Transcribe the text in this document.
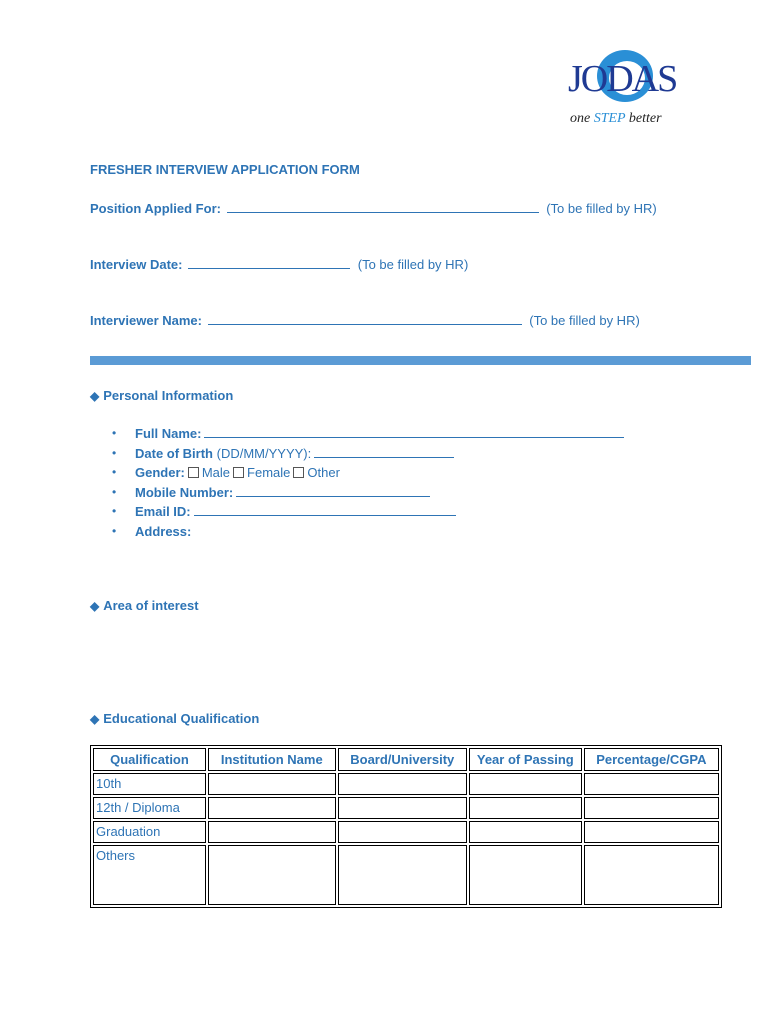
JODAS
one STEP better
FRESHER INTERVIEW APPLICATION FORM
Position Applied For:	(To be filled by HR)
Interview Date:	(To be filled by HR)
Interviewer Name:	(To be filled by HR)
◆ Personal Information
• Full Name:
• Date of Birth (DD/MM/YYYY):
• Gender: Male Female Other
• Mobile Number:
• Email ID:
• Address:
◆ Area of interest
◆ Educational Qualification
Qualification	Institution Name	Board/University	Year of Passing	Percentage/CGPA
10th				
12th / Diploma				
Graduation				
Others				
